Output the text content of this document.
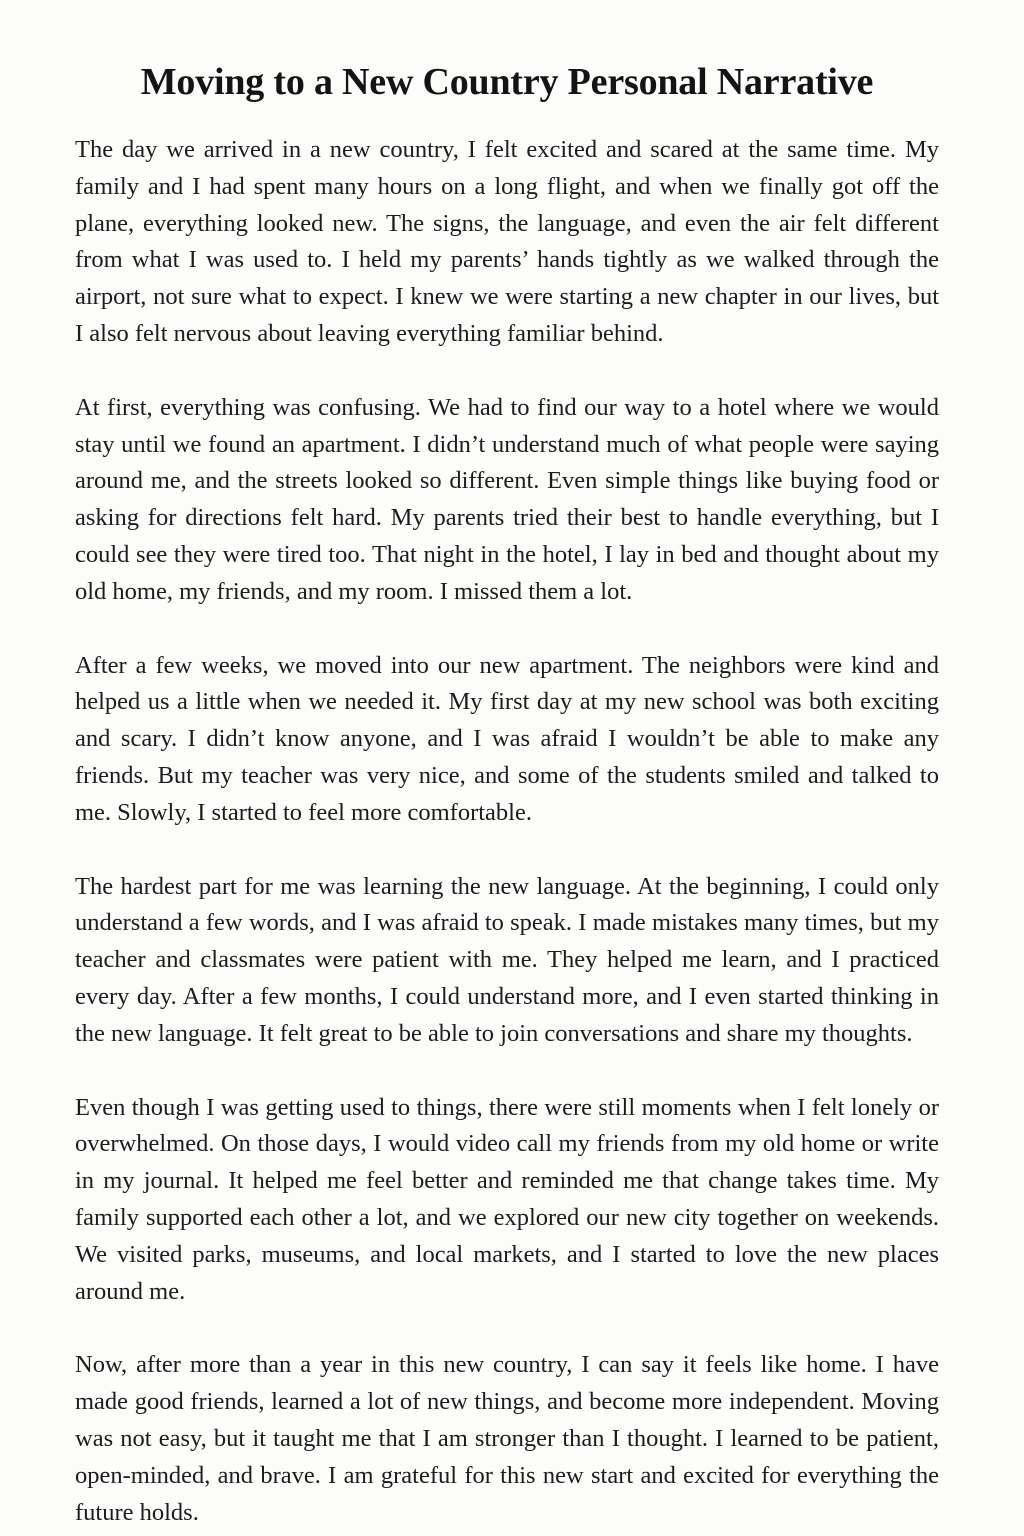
Moving to a New Country Personal Narrative

The day we arrived in a new country, I felt excited and scared at the same time. My family and I had spent many hours on a long flight, and when we finally got off the plane, everything looked new. The signs, the language, and even the air felt different from what I was used to. I held my parents’ hands tightly as we walked through the airport, not sure what to expect. I knew we were starting a new chapter in our lives, but I also felt nervous about leaving everything familiar behind.

At first, everything was confusing. We had to find our way to a hotel where we would stay until we found an apartment. I didn’t understand much of what people were saying around me, and the streets looked so different. Even simple things like buying food or asking for directions felt hard. My parents tried their best to handle everything, but I could see they were tired too. That night in the hotel, I lay in bed and thought about my old home, my friends, and my room. I missed them a lot.

After a few weeks, we moved into our new apartment. The neighbors were kind and helped us a little when we needed it. My first day at my new school was both exciting and scary. I didn’t know anyone, and I was afraid I wouldn’t be able to make any friends. But my teacher was very nice, and some of the students smiled and talked to me. Slowly, I started to feel more comfortable.

The hardest part for me was learning the new language. At the beginning, I could only understand a few words, and I was afraid to speak. I made mistakes many times, but my teacher and classmates were patient with me. They helped me learn, and I practiced every day. After a few months, I could understand more, and I even started thinking in the new language. It felt great to be able to join conversations and share my thoughts.

Even though I was getting used to things, there were still moments when I felt lonely or overwhelmed. On those days, I would video call my friends from my old home or write in my journal. It helped me feel better and reminded me that change takes time. My family supported each other a lot, and we explored our new city together on weekends. We visited parks, museums, and local markets, and I started to love the new places around me.

Now, after more than a year in this new country, I can say it feels like home. I have made good friends, learned a lot of new things, and become more independent. Moving was not easy, but it taught me that I am stronger than I thought. I learned to be patient, open-minded, and brave. I am grateful for this new start and excited for everything the future holds.
